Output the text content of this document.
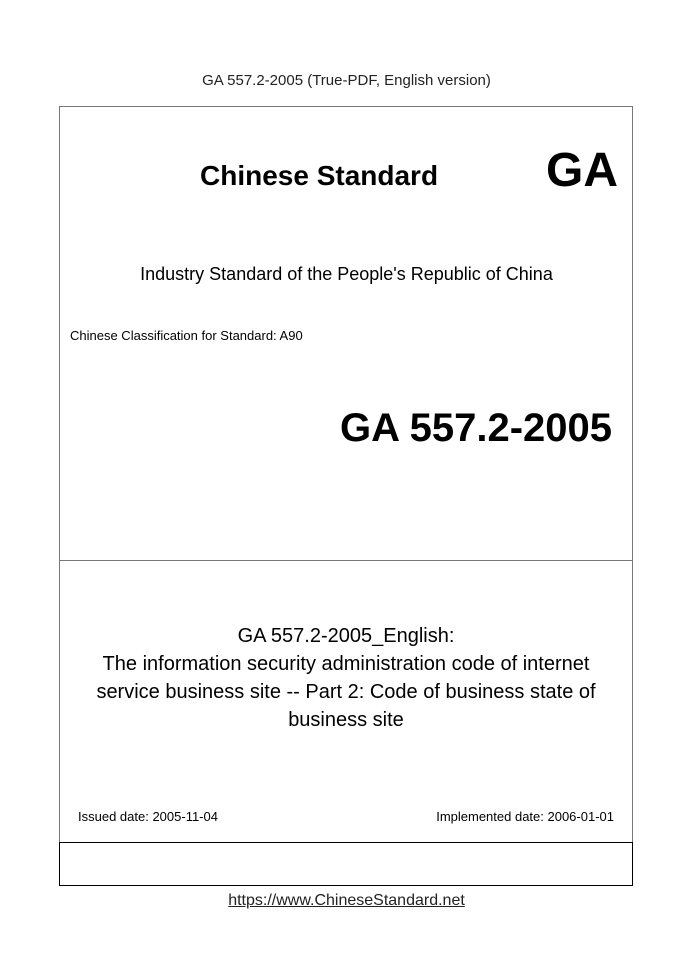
GA 557.2-2005 (True-PDF, English version)
Chinese Standard GA
Industry Standard of the People's Republic of China
Chinese Classification for Standard: A90
GA 557.2-2005
GA 557.2-2005_English:
The information security administration code of internet
service business site -- Part 2: Code of business state of
business site
Issued date: 2005-11-04	Implemented date: 2006-01-01
https://www.ChineseStandard.net
